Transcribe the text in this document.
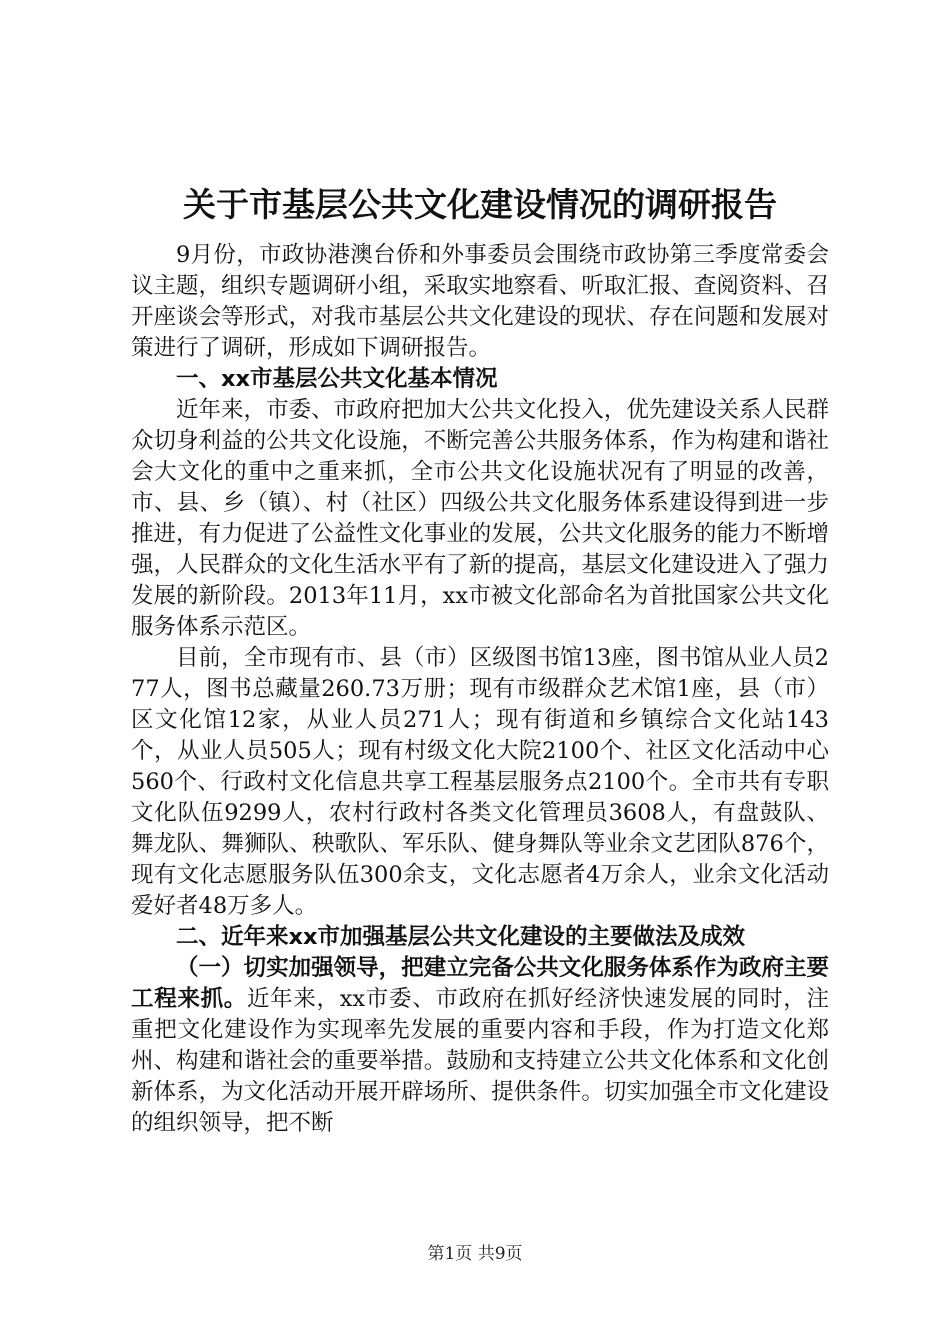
关于市基层公共文化建设情况的调研报告

9月份，市政协港澳台侨和外事委员会围绕市政协第三季度常委会议主题，组织专题调研小组，采取实地察看、听取汇报、查阅资料、召开座谈会等形式，对我市基层公共文化建设的现状、存在问题和发展对策进行了调研，形成如下调研报告。

一、xx市基层公共文化基本情况

近年来，市委、市政府把加大公共文化投入，优先建设关系人民群众切身利益的公共文化设施，不断完善公共服务体系，作为构建和谐社会大文化的重中之重来抓，全市公共文化设施状况有了明显的改善，市、县、乡（镇）、村（社区）四级公共文化服务体系建设得到进一步推进，有力促进了公益性文化事业的发展，公共文化服务的能力不断增强，人民群众的文化生活水平有了新的提高，基层文化建设进入了强力发展的新阶段。2013年11月，xx市被文化部命名为首批国家公共文化服务体系示范区。

目前，全市现有市、县（市）区级图书馆13座，图书馆从业人员277人，图书总藏量260.73万册；现有市级群众艺术馆1座，县（市）区文化馆12家，从业人员271人；现有街道和乡镇综合文化站143个，从业人员505人；现有村级文化大院2100个、社区文化活动中心560个、行政村文化信息共享工程基层服务点2100个。全市共有专职文化队伍9299人，农村行政村各类文化管理员3608人，有盘鼓队、舞龙队、舞狮队、秧歌队、军乐队、健身舞队等业余文艺团队876个，现有文化志愿服务队伍300余支，文化志愿者4万余人，业余文化活动爱好者48万多人。

二、近年来xx市加强基层公共文化建设的主要做法及成效

（一）切实加强领导，把建立完备公共文化服务体系作为政府主要工程来抓。近年来，xx市委、市政府在抓好经济快速发展的同时，注重把文化建设作为实现率先发展的重要内容和手段，作为打造文化郑州、构建和谐社会的重要举措。鼓励和支持建立公共文化体系和文化创新体系，为文化活动开展开辟场所、提供条件。切实加强全市文化建设的组织领导，把不断

第1页 共9页
